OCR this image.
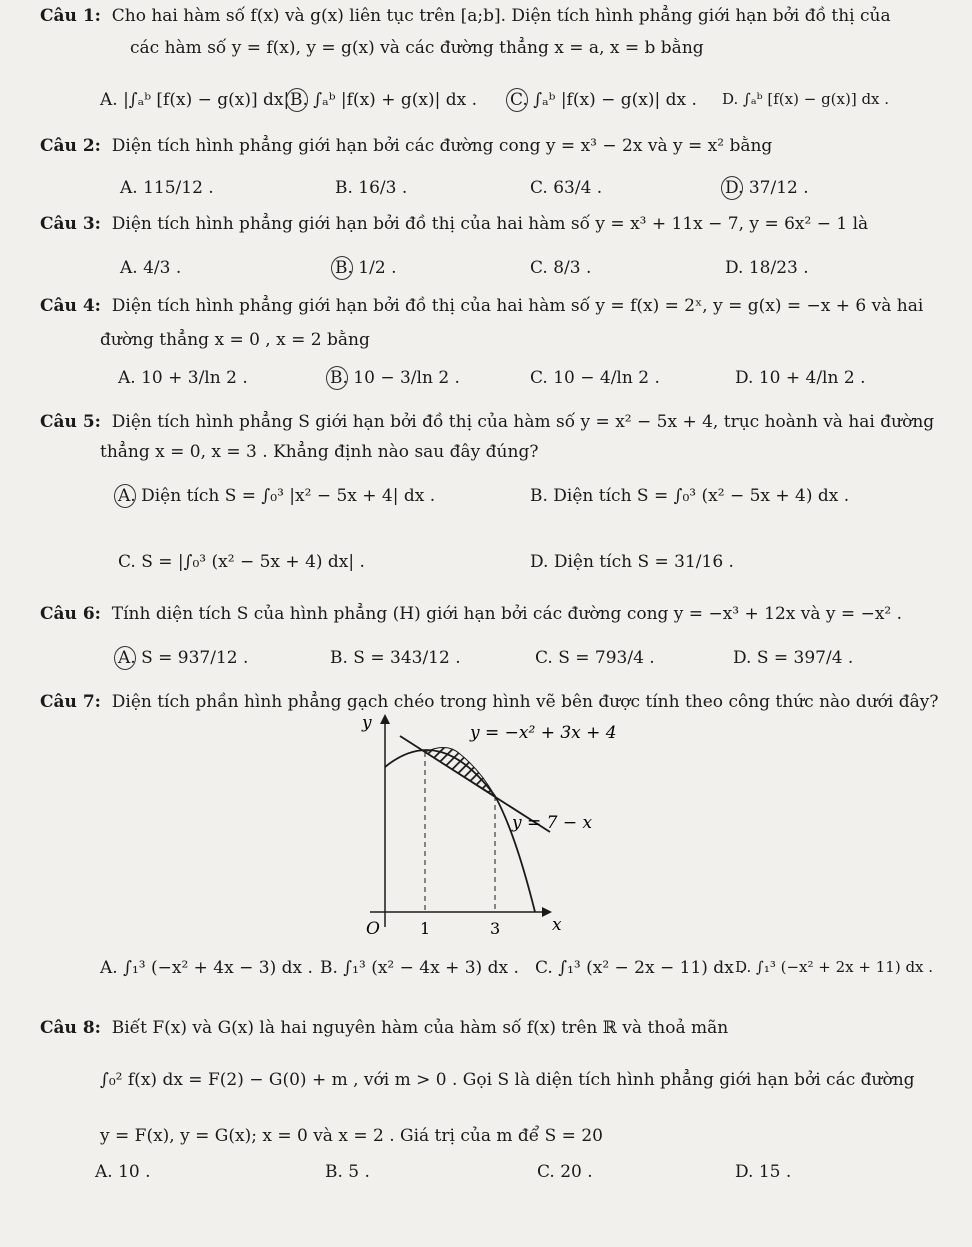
Câu 1: Cho hai hàm số f(x) và g(x) liên tục trên [a;b]. Diện tích hình phẳng giới hạn bởi đồ thị của
các hàm số y = f(x), y = g(x) và các đường thẳng x = a, x = b bằng
A. |∫ₐᵇ [f(x) − g(x)] dx| B. ∫ₐᵇ |f(x) + g(x)| dx . C. ∫ₐᵇ |f(x) − g(x)| dx . D. ∫ₐᵇ [f(x) − g(x)] dx .
Câu 2: Diện tích hình phẳng giới hạn bởi các đường cong y = x³ − 2x và y = x² bằng
A. 115/12 .	B. 16/3 .	C. 63/4 .	D. 37/12 .
Câu 3: Diện tích hình phẳng giới hạn bởi đồ thị của hai hàm số y = x³ + 11x − 7, y = 6x² − 1 là
A. 4/3 .	B. 1/2 .	C. 8/3 .	D. 18/23 .
Câu 4: Diện tích hình phẳng giới hạn bởi đồ thị của hai hàm số y = f(x) = 2ˣ, y = g(x) = −x + 6 và hai
đường thẳng x = 0 , x = 2 bằng
A. 10 + 3/ln 2 .	B. 10 − 3/ln 2 .	C. 10 − 4/ln 2 .	D. 10 + 4/ln 2 .
Câu 5: Diện tích hình phẳng S giới hạn bởi đồ thị của hàm số y = x² − 5x + 4, trục hoành và hai đường
thẳng x = 0, x = 3 . Khẳng định nào sau đây đúng?
A. Diện tích S = ∫₀³ |x² − 5x + 4| dx .	B. Diện tích S = ∫₀³ (x² − 5x + 4) dx .
C. S = |∫₀³ (x² − 5x + 4) dx| .	D. Diện tích S = 31/16 .
Câu 6: Tính diện tích S của hình phẳng (H) giới hạn bởi các đường cong y = −x³ + 12x và y = −x² .
A. S = 937/12 .	B. S = 343/12 .	C. S = 793/4 .	D. S = 397/4 .
Câu 7: Diện tích phần hình phẳng gạch chéo trong hình vẽ bên được tính theo công thức nào dưới đây?
y
x
O	1	3
y = −x² + 3x + 4
y = 7 − x
A. ∫₁³ (−x² + 4x − 3) dx . B. ∫₁³ (x² − 4x + 3) dx . C. ∫₁³ (x² − 2x − 11) dx .
D. ∫₁³ (−x² + 2x + 11) dx .
Câu 8: Biết F(x) và G(x) là hai nguyên hàm của hàm số f(x) trên ℝ và thoả mãn
∫₀² f(x) dx = F(2) − G(0) + m , với m > 0 . Gọi S là diện tích hình phẳng giới hạn bởi các đường
y = F(x), y = G(x); x = 0 và x = 2 . Giá trị của m để S = 20
A. 10 .	B. 5 .	C. 20 .	D. 15 .
